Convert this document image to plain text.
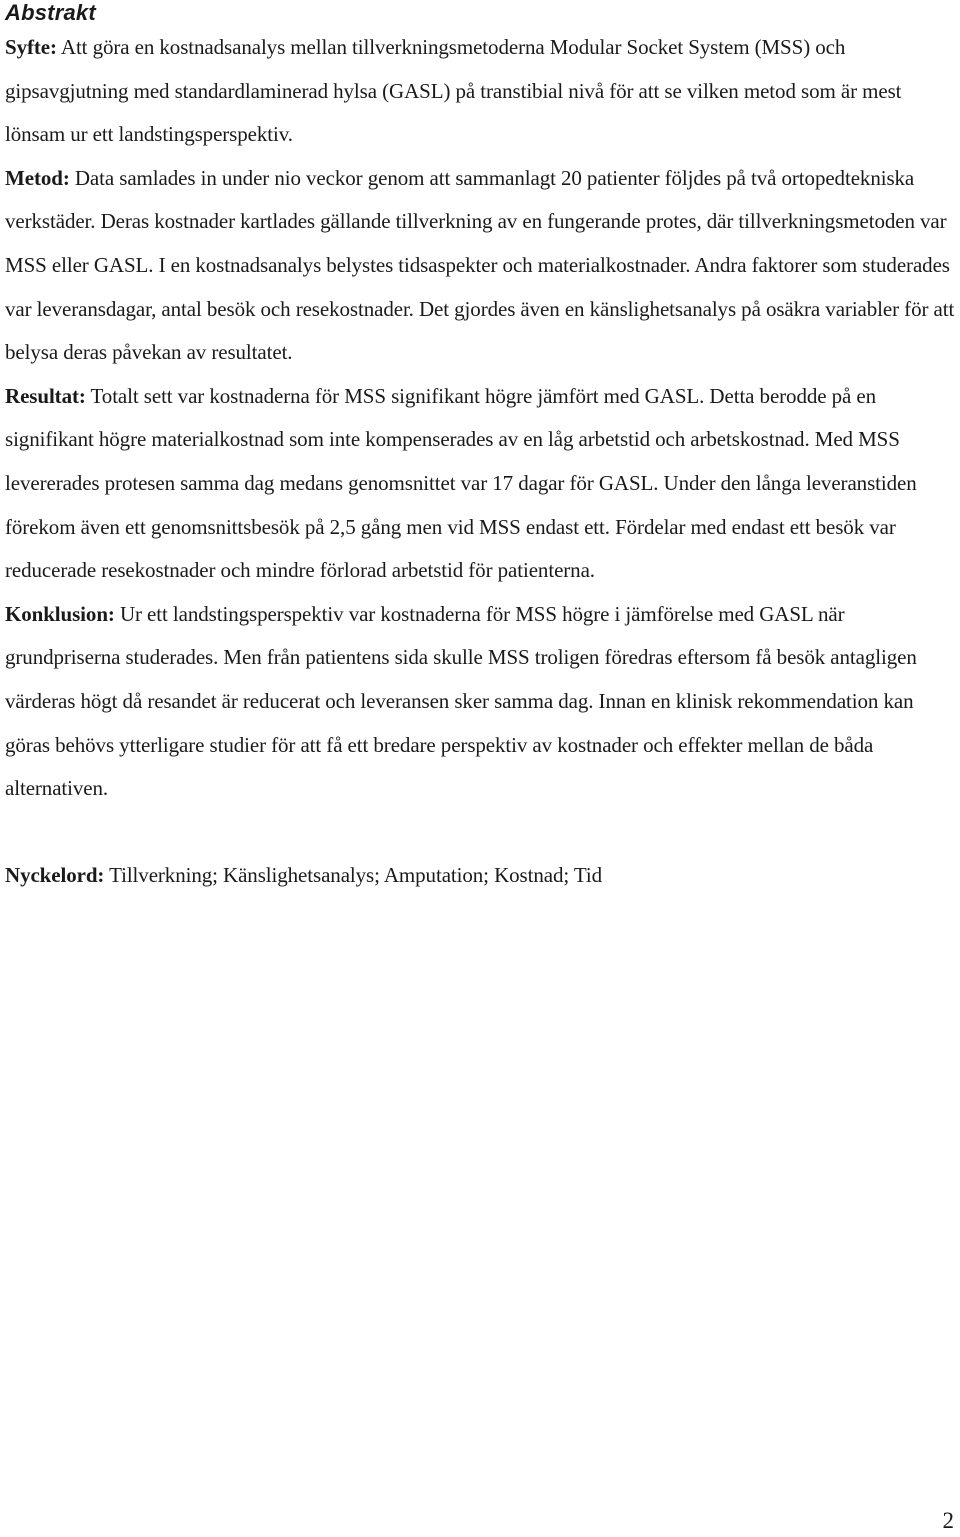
Abstrakt

Syfte: Att göra en kostnadsanalys mellan tillverkningsmetoderna Modular Socket System (MSS) och gipsavgjutning med standardlaminerad hylsa (GASL) på transtibial nivå för att se vilken metod som är mest lönsam ur ett landstingsperspektiv.

Metod: Data samlades in under nio veckor genom att sammanlagt 20 patienter följdes på två ortopedtekniska verkstäder. Deras kostnader kartlades gällande tillverkning av en fungerande protes, där tillverkningsmetoden var MSS eller GASL. I en kostnadsanalys belystes tidsaspekter och materialkostnader. Andra faktorer som studerades var leveransdagar, antal besök och resekostnader. Det gjordes även en känslighetsanalys på osäkra variabler för att belysa deras påvekan av resultatet.

Resultat: Totalt sett var kostnaderna för MSS signifikant högre jämfört med GASL. Detta berodde på en signifikant högre materialkostnad som inte kompenserades av en låg arbetstid och arbetskostnad. Med MSS levererades protesen samma dag medans genomsnittet var 17 dagar för GASL. Under den långa leveranstiden förekom även ett genomsnittsbesök på 2,5 gång men vid MSS endast ett. Fördelar med endast ett besök var reducerade resekostnader och mindre förlorad arbetstid för patienterna.

Konklusion: Ur ett landstingsperspektiv var kostnaderna för MSS högre i jämförelse med GASL när grundpriserna studerades. Men från patientens sida skulle MSS troligen föredras eftersom få besök antagligen värderas högt då resandet är reducerat och leveransen sker samma dag. Innan en klinisk rekommendation kan göras behövs ytterligare studier för att få ett bredare perspektiv av kostnader och effekter mellan de båda alternativen.

Nyckelord: Tillverkning; Känslighetsanalys; Amputation; Kostnad; Tid

2
